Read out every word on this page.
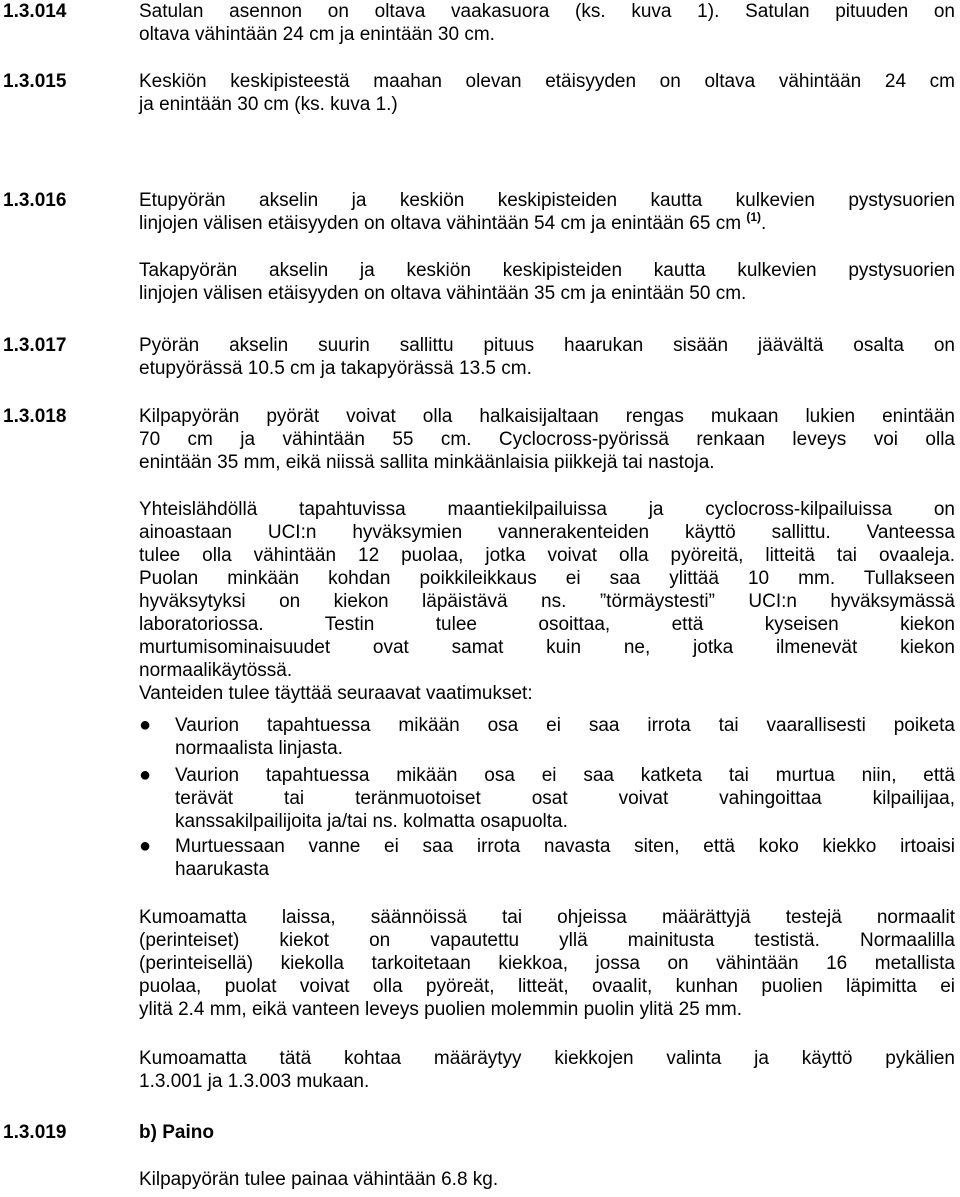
1.3.014	Satulan asennon on oltava vaakasuora (ks. kuva 1). Satulan pituuden on
oltava vähintään 24 cm ja enintään 30 cm.
1.3.015	Keskiön keskipisteestä maahan olevan etäisyyden on oltava vähintään 24 cm
ja enintään 30 cm (ks. kuva 1.)
1.3.016	Etupyörän akselin ja keskiön keskipisteiden kautta kulkevien pystysuorien
linjojen välisen etäisyyden on oltava vähintään 54 cm ja enintään 65 cm $^{(1)}$.
Takapyörän akselin ja keskiön keskipisteiden kautta kulkevien pystysuorien
linjojen välisen etäisyyden on oltava vähintään 35 cm ja enintään 50 cm.
1.3.017	Pyörän akselin suurin sallittu pituus haarukan sisään jäävältä osalta on
etupyörässä 10.5 cm ja takapyörässä 13.5 cm.
1.3.018	Kilpapyörän pyörät voivat olla halkaisijaltaan rengas mukaan lukien enintään
70 cm ja vähintään 55 cm. Cyclocross-pyörissä renkaan leveys voi olla
enintään 35 mm, eikä niissä sallita minkäänlaisia piikkejä tai nastoja.
Yhteislähdöllä tapahtuvissa maantiekilpailuissa ja cyclocross-kilpailuissa on
ainoastaan UCI:n hyväksymien vannerakenteiden käyttö sallittu. Vanteessa
tulee olla vähintään 12 puolaa, jotka voivat olla pyöreitä, litteitä tai ovaaleja.
Puolan minkään kohdan poikkileikkaus ei saa ylittää 10 mm. Tullakseen
hyväksytyksi on kiekon läpäistävä ns. ”törmäystesti” UCI:n hyväksymässä
laboratoriossa. Testin tulee osoittaa, että kyseisen kiekon
murtumisominaisuudet ovat samat kuin ne, jotka ilmenevät kiekon
normaalikäytössä.
Vanteiden tulee täyttää seuraavat vaatimukset:
●	Vaurion tapahtuessa mikään osa ei saa irrota tai vaarallisesti poiketa
normaalista linjasta.
●	Vaurion tapahtuessa mikään osa ei saa katketa tai murtua niin, että
terävät tai teränmuotoiset osat voivat vahingoittaa kilpailijaa,
kanssakilpailijoita ja/tai ns. kolmatta osapuolta.
●	Murtuessaan vanne ei saa irrota navasta siten, että koko kiekko irtoaisi
haarukasta
Kumoamatta laissa, säännöissä tai ohjeissa määrättyjä testejä normaalit
(perinteiset) kiekot on vapautettu yllä mainitusta testistä. Normaalilla
(perinteisellä) kiekolla tarkoitetaan kiekkoa, jossa on vähintään 16 metallista
puolaa, puolat voivat olla pyöreät, litteät, ovaalit, kunhan puolien läpimitta ei
ylitä 2.4 mm, eikä vanteen leveys puolien molemmin puolin ylitä 25 mm.
Kumoamatta tätä kohtaa määräytyy kiekkojen valinta ja käyttö pykälien
1.3.001 ja 1.3.003 mukaan.
1.3.019	b) Paino
Kilpapyörän tulee painaa vähintään 6.8 kg.
